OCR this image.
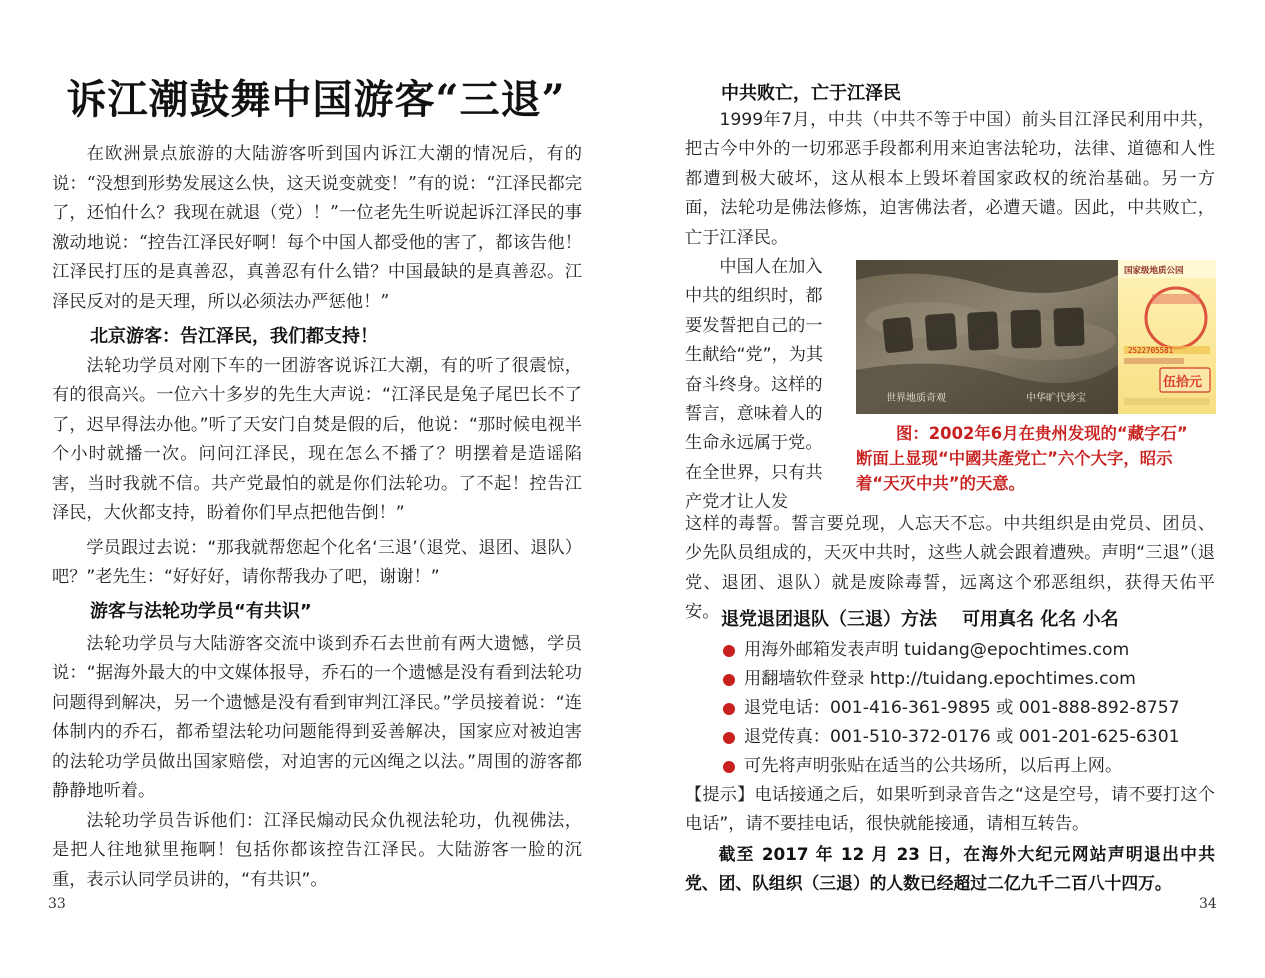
诉江潮鼓舞中国游客“三退”

在欧洲景点旅游的大陆游客听到国内诉江大潮的情况后，有的说：“没想到形势发展这么快，这天说变就变！”有的说：“江泽民都完了，还怕什么？我现在就退（党）！”一位老先生听说起诉江泽民的事激动地说：“控告江泽民好啊！每个中国人都受他的害了，都该告他！江泽民打压的是真善忍，真善忍有什么错？中国最缺的是真善忍。江泽民反对的是天理，所以必须法办严惩他！”

北京游客：告江泽民，我们都支持！

法轮功学员对刚下车的一团游客说诉江大潮，有的听了很震惊，有的很高兴。一位六十多岁的先生大声说：“江泽民是兔子尾巴长不了了，迟早得法办他。”听了天安门自焚是假的后，他说：“那时候电视半个小时就播一次。问问江泽民，现在怎么不播了？明摆着是造谣陷害，当时我就不信。共产党最怕的就是你们法轮功。了不起！控告江泽民，大伙都支持，盼着你们早点把他告倒！”

学员跟过去说：“那我就帮您起个化名‘三退’（退党、退团、退队）吧？”老先生：“好好好，请你帮我办了吧，谢谢！”

游客与法轮功学员“有共识”

法轮功学员与大陆游客交流中谈到乔石去世前有两大遗憾，学员说：“据海外最大的中文媒体报导，乔石的一个遗憾是没有看到法轮功问题得到解决，另一个遗憾是没有看到审判江泽民。”学员接着说：“连体制内的乔石，都希望法轮功问题能得到妥善解决，国家应对被迫害的法轮功学员做出国家赔偿，对迫害的元凶绳之以法。”周围的游客都静静地听着。

法轮功学员告诉他们：江泽民煽动民众仇视法轮功，仇视佛法，是把人往地狱里拖啊！包括你都该控告江泽民。大陆游客一脸的沉重，表示认同学员讲的，“有共识”。

33
中共败亡，亡于江泽民

1999年7月，中共（中共不等于中国）前头目江泽民利用中共，把古今中外的一切邪恶手段都利用来迫害法轮功，法律、道德和人性都遭到极大破坏，这从根本上毁坏着国家政权的统治基础。另一方面，法轮功是佛法修炼，迫害佛法者，必遭天谴。因此，中共败亡，亡于江泽民。

中国人在加入中共的组织时，都要发誓把自己的一生献给“党”，为其奋斗终身。这样的誓言，意味着人的生命永远属于党。在全世界，只有共产党才让人发

世界地质奇观	中华旷代珍宝
国家级地质公园
2522705581
伍拾元

图：2002年6月在贵州发现的“藏字石”
断面上显现“中國共產党亡”六个大字，昭示着“天灭中共”的天意。

这样的毒誓。誓言要兑现，人忘天不忘。中共组织是由党员、团员、少先队员组成的，天灭中共时，这些人就会跟着遭殃。声明“三退”（退党、退团、退队）就是废除毒誓，远离这个邪恶组织，获得天佑平安。 退党退团退队（三退）方法    可用真名 化名 小名
用海外邮箱发表声明 tuidang@epochtimes.com
用翻墙软件登录 http://tuidang.epochtimes.com
退党电话：001-416-361-9895 或 001-888-892-8757
退党传真：001-510-372-0176 或 001-201-625-6301
可先将声明张贴在适当的公共场所，以后再上网。

【提示】电话接通之后，如果听到录音告之“这是空号，请不要打这个电话”，请不要挂电话，很快就能接通，请相互转告。

截至 2017 年 12 月 23 日，在海外大纪元网站声明退出中共党、团、队组织（三退）的人数已经超过二亿九千二百八十四万。

34
